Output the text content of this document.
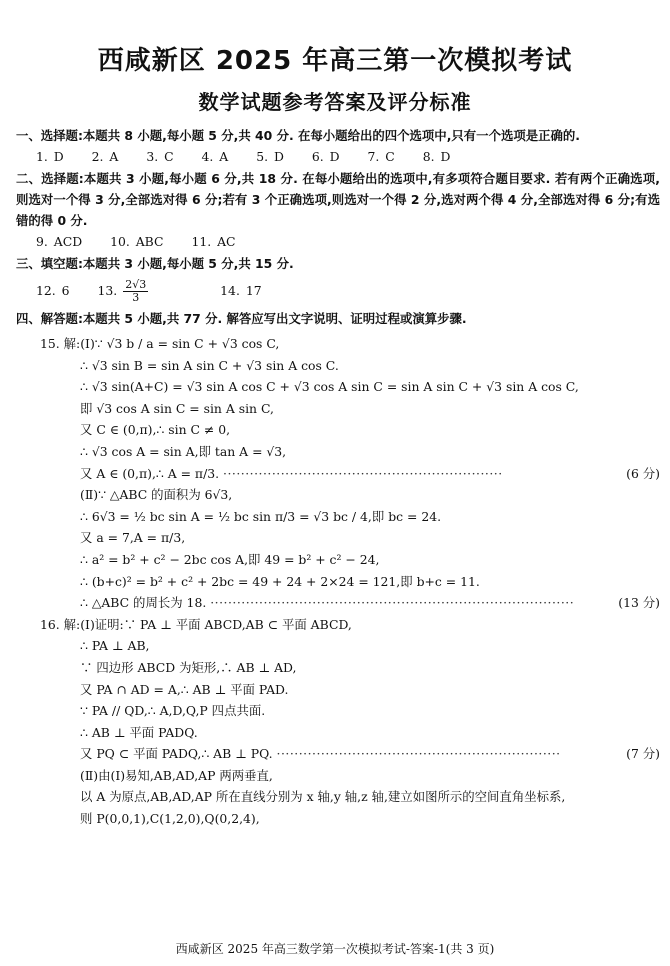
西咸新区 2025 年高三第一次模拟考试
数学试题参考答案及评分标准
一、选择题:本题共 8 小题,每小题 5 分,共 40 分. 在每小题给出的四个选项中,只有一个选项是正确的.
1. D 2. A 3. C 4. A 5. D 6. D 7. C 8. D
二、选择题:本题共 3 小题,每小题 6 分,共 18 分. 在每小题给出的选项中,有多项符合题目要求. 若有两个正确选项,则选对一个得 3 分,全部选对得 6 分;若有 3 个正确选项,则选对一个得 2 分,选对两个得 4 分,全部选对得 6 分;有选错的得 0 分.
9. ACD 10. ABC 11. AC
三、填空题:本题共 3 小题,每小题 5 分,共 15 分.
12. 6 13. $\frac{2√3}{3}$	14. 17
四、解答题:本题共 5 小题,共 77 分. 解答应写出文字说明、证明过程或演算步骤.
15. 解:(Ⅰ)∵ √3 b / a = sin C + √3 cos C,
∴ √3 sin B = sin A sin C + √3 sin A cos C.
∴ √3 sin(A+C) = √3 sin A cos C + √3 cos A sin C = sin A sin C + √3 sin A cos C,
即 √3 cos A sin C = sin A sin C,
又 C ∈ (0,π),∴ sin C ≠ 0,
∴ √3 cos A = sin A,即 tan A = √3,
又 A ∈ (0,π),∴ A = π/3. ·······························································	(6 分)
(Ⅱ)∵ △ABC 的面积为 6√3,
∴ 6√3 = ½ bc sin A = ½ bc sin π/3 = √3 bc / 4,即 bc = 24.
又 a = 7,A = π/3,
∴ a² = b² + c² − 2bc cos A,即 49 = b² + c² − 24,
∴ (b+c)² = b² + c² + 2bc = 49 + 24 + 2×24 = 121,即 b+c = 11.
∴ △ABC 的周长为 18. ··················································································	(13 分)
16. 解:(Ⅰ)证明:∵ PA ⊥ 平面 ABCD,AB ⊂ 平面 ABCD,
∴ PA ⊥ AB,
∵ 四边形 ABCD 为矩形,∴ AB ⊥ AD,
又 PA ∩ AD = A,∴ AB ⊥ 平面 PAD.
∵ PA // QD,∴ A,D,Q,P 四点共面.
∴ AB ⊥ 平面 PADQ.
又 PQ ⊂ 平面 PADQ,∴ AB ⊥ PQ. ································································	(7 分)
(Ⅱ)由(Ⅰ)易知,AB,AD,AP 两两垂直,
以 A 为原点,AB,AD,AP 所在直线分别为 x 轴,y 轴,z 轴,建立如图所示的空间直角坐标系,
则 P(0,0,1),C(1,2,0),Q(0,2,4),
西咸新区 2025 年高三数学第一次模拟考试-答案-1(共 3 页)
